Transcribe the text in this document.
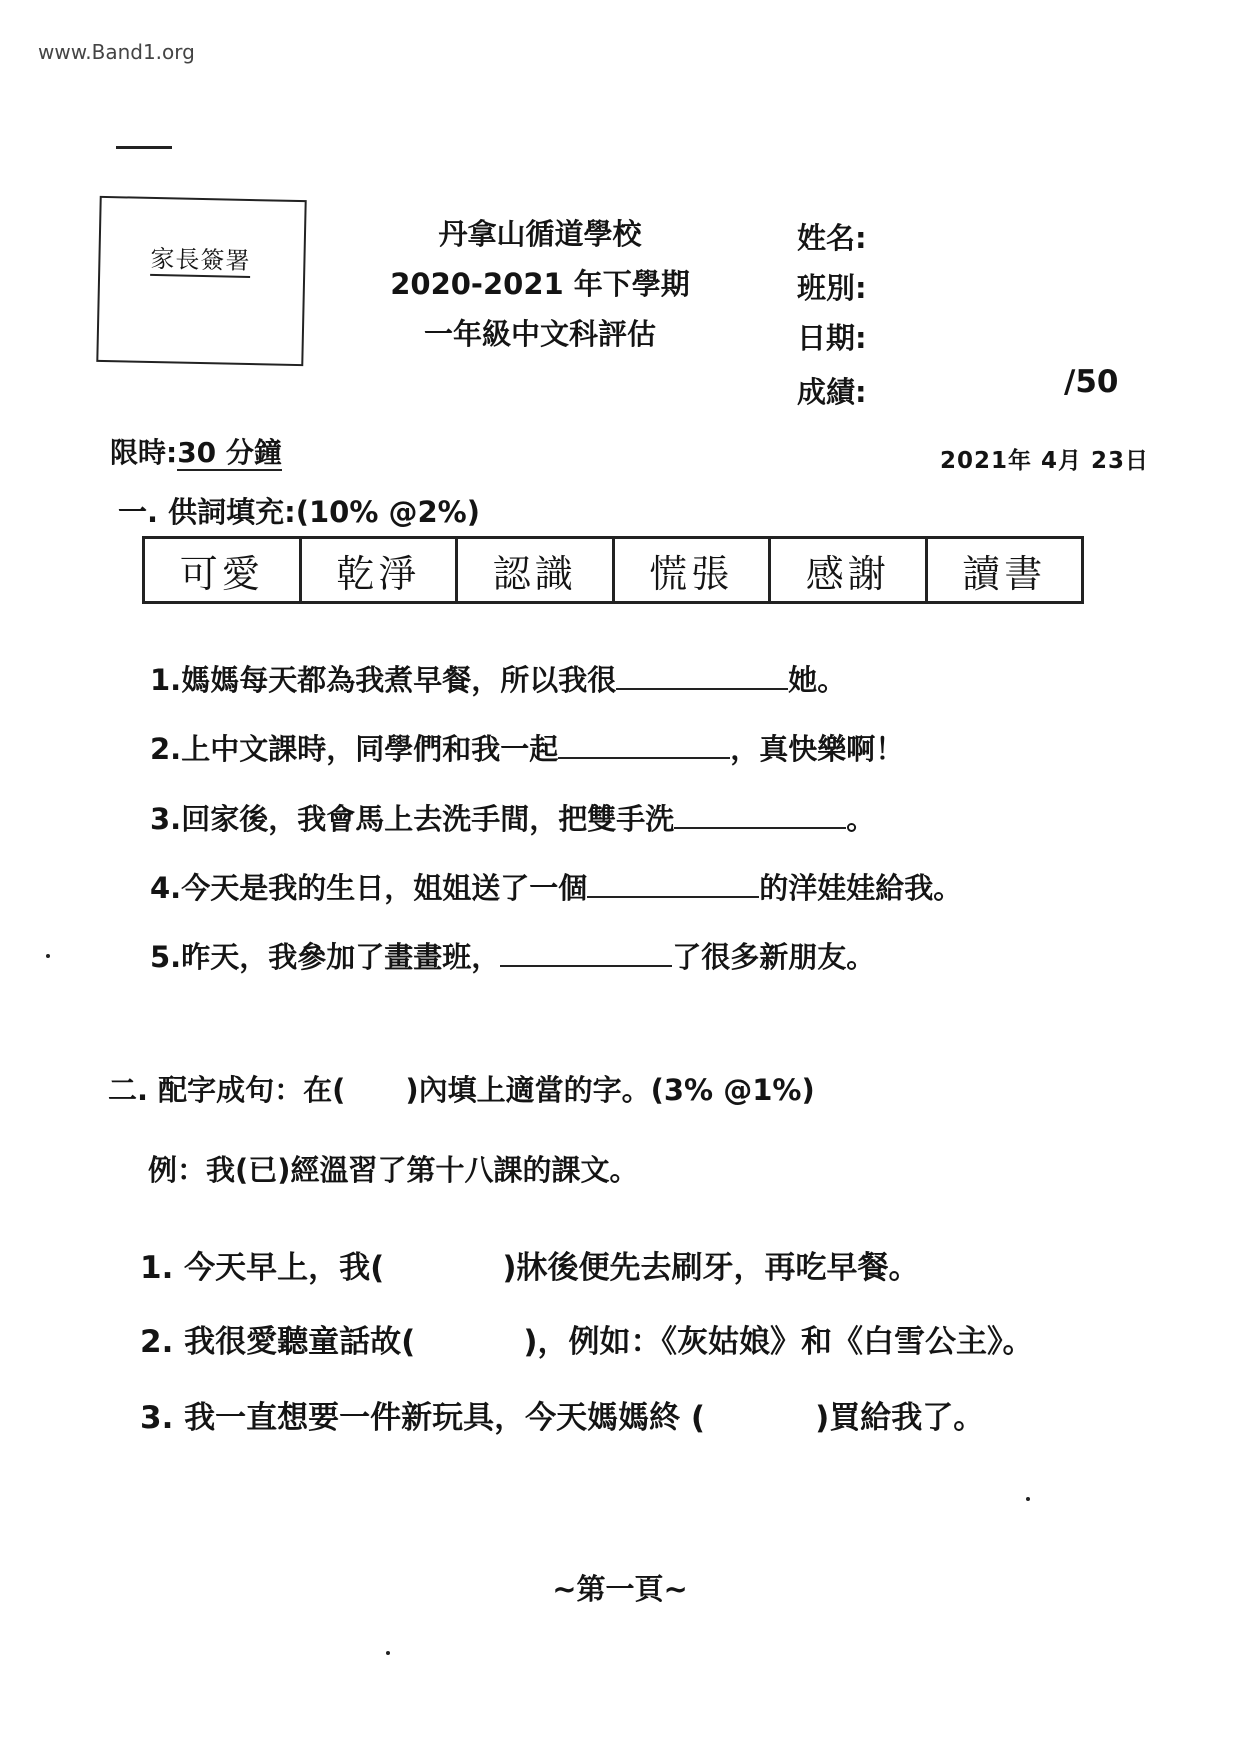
www.Band1.org
家長簽署
丹拿山循道學校
2020-2021 年下學期
一年級中文科評估
姓名:
班別:
日期:
成績:	/50
限時:30 分鐘	2021年 4月 23日
一. 供詞填充:(10% @2%)
可愛	乾淨	認識	慌張	感謝	讀書
1.媽媽每天都為我煮早餐，所以我很	她。
2.上中文課時，同學們和我一起	，真快樂啊！
3.回家後，我會馬上去洗手間，把雙手洗	。
4.今天是我的生日，姐姐送了一個	的洋娃娃給我。
5.昨天，我參加了畫畫班，	了很多新朋友。
二. 配字成句：在( )內填上適當的字。(3% @1%)
例：我(已)經溫習了第十八課的課文。
1. 今天早上，我(	)牀後便先去刷牙，再吃早餐。
2. 我很愛聽童話故(	)，例如：《灰姑娘》和《白雪公主》。
3. 我一直想要一件新玩具，今天媽媽終 (	)買給我了。
~第一頁~
